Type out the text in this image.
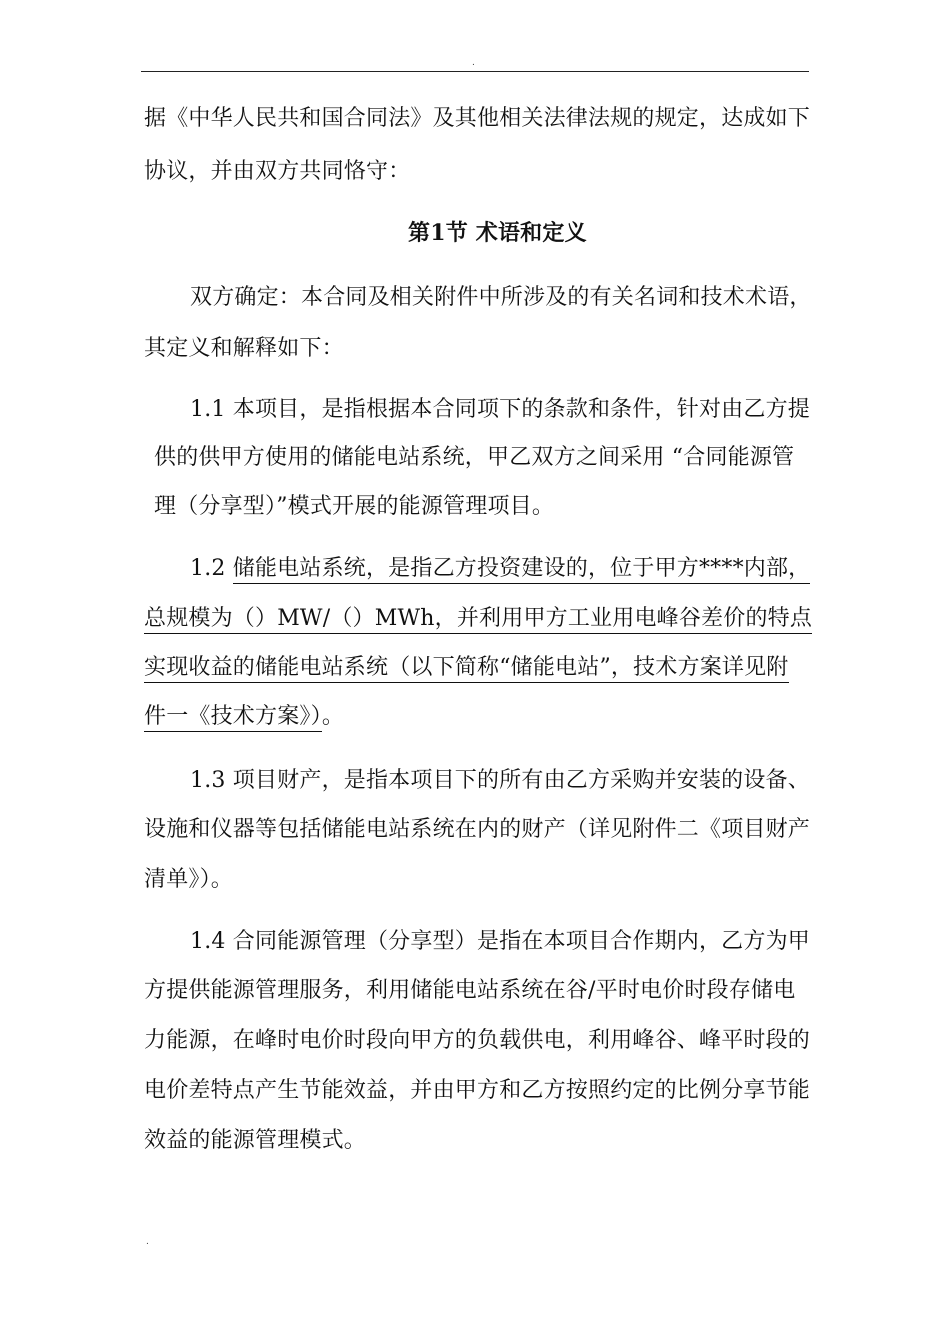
.
据《中华人民共和国合同法》及其他相关法律法规的规定，达成如下
协议，并由双方共同恪守：
第1节 术语和定义
双方确定：本合同及相关附件中所涉及的有关名词和技术术语，
其定义和解释如下：
1.1 本项目，是指根据本合同项下的条款和条件，针对由乙方提
供的供甲方使用的储能电站系统，甲乙双方之间采用 “合同能源管
理（分享型）”模式开展的能源管理项目。
1.2 储能电站系统，是指乙方投资建设的，位于甲方****内部，
总规模为（）MW/（）MWh，并利用甲方工业用电峰谷差价的特点
实现收益的储能电站系统（以下简称“储能电站”，技术方案详见附
件一《技术方案》）。
1.3 项目财产，是指本项目下的所有由乙方采购并安装的设备、
设施和仪器等包括储能电站系统在内的财产（详见附件二《项目财产
清单》）。
1.4 合同能源管理（分享型）是指在本项目合作期内，乙方为甲
方提供能源管理服务，利用储能电站系统在谷/平时电价时段存储电
力能源，在峰时电价时段向甲方的负载供电，利用峰谷、峰平时段的
电价差特点产生节能效益，并由甲方和乙方按照约定的比例分享节能
效益的能源管理模式。
.
